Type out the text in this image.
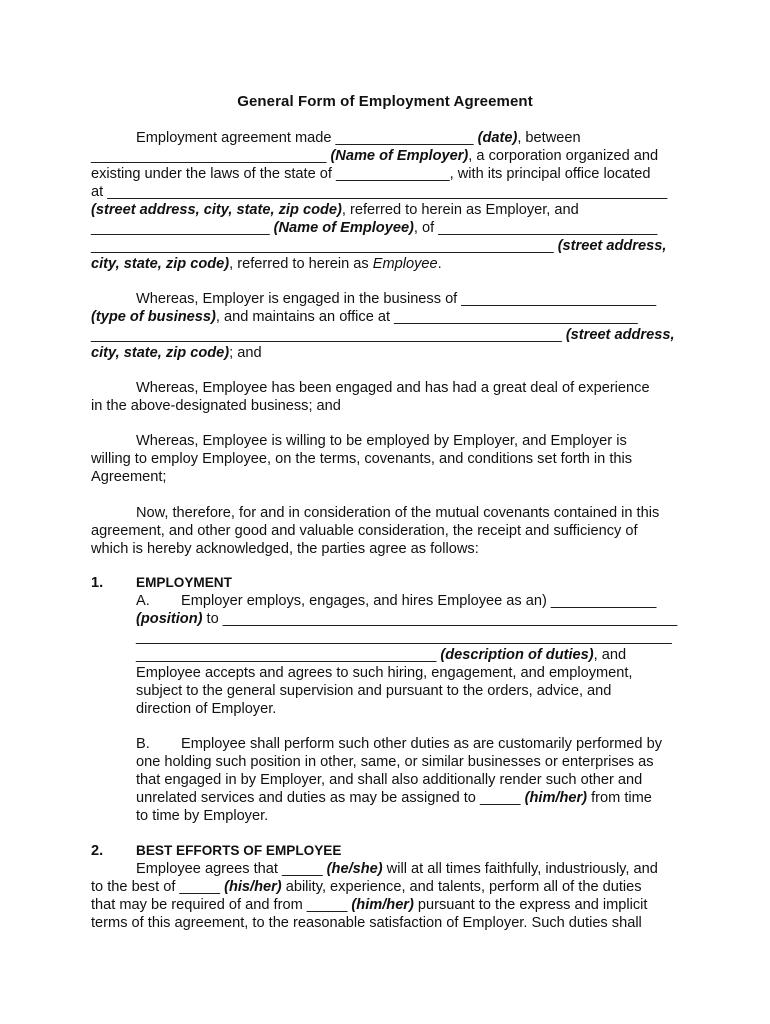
General Form of Employment Agreement
Employment agreement made _________________ (date), between
_____________________________ (Name of Employer), a corporation organized and
existing under the laws of the state of ______________, with its principal office located
at _____________________________________________________________________
(street address, city, state, zip code), referred to herein as Employer, and
______________________ (Name of Employee), of ___________________________
_________________________________________________________ (street address,
city, state, zip code), referred to herein as Employee.
Whereas, Employer is engaged in the business of ________________________
(type of business), and maintains an office at ______________________________
__________________________________________________________ (street address,
city, state, zip code); and
Whereas, Employee has been engaged and has had a great deal of experience
in the above-designated business; and
Whereas, Employee is willing to be employed by Employer, and Employer is
willing to employ Employee, on the terms, covenants, and conditions set forth in this
Agreement;
Now, therefore, for and in consideration of the mutual covenants contained in this
agreement, and other good and valuable consideration, the receipt and sufficiency of
which is hereby acknowledged, the parties agree as follows:
1. EMPLOYMENT
A. Employer employs, engages, and hires Employee as an) _____________
(position) to ________________________________________________________
__________________________________________________________________
_____________________________________ (description of duties), and
Employee accepts and agrees to such hiring, engagement, and employment,
subject to the general supervision and pursuant to the orders, advice, and
direction of Employer.
B. Employee shall perform such other duties as are customarily performed by
one holding such position in other, same, or similar businesses or enterprises as
that engaged in by Employer, and shall also additionally render such other and
unrelated services and duties as may be assigned to _____ (him/her) from time
to time by Employer.
2. BEST EFFORTS OF EMPLOYEE
Employee agrees that _____ (he/she) will at all times faithfully, industriously, and
to the best of _____ (his/her) ability, experience, and talents, perform all of the duties
that may be required of and from _____ (him/her) pursuant to the express and implicit
terms of this agreement, to the reasonable satisfaction of Employer. Such duties shall
